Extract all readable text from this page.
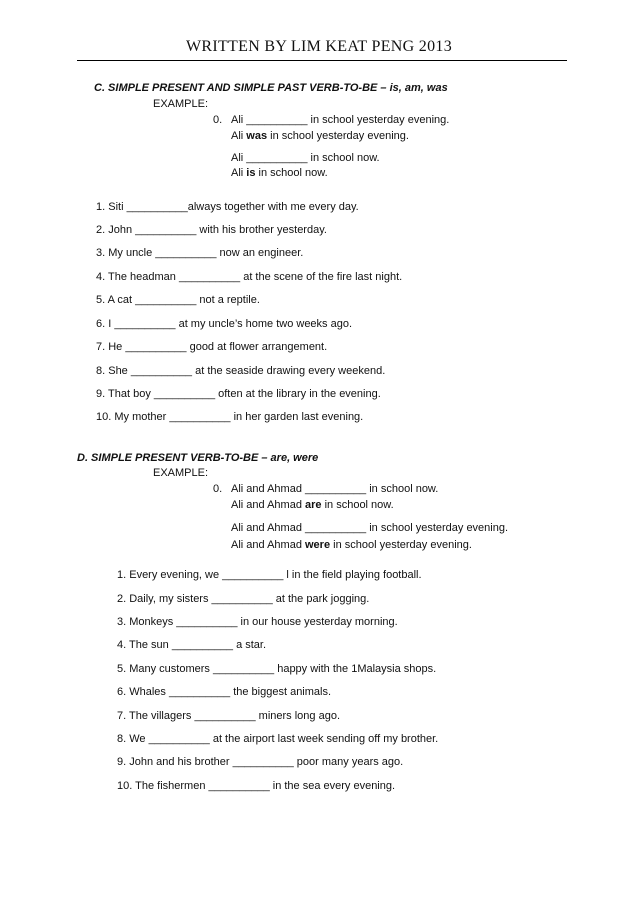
WRITTEN BY LIM KEAT PENG 2013
C. SIMPLE PRESENT AND SIMPLE PAST VERB-TO-BE – is, am, was
EXAMPLE:
0. Ali __________ in school yesterday evening.
Ali was in school yesterday evening.
Ali __________ in school now.
Ali is in school now.
1. Siti __________always together with me every day.
2. John __________ with his brother yesterday.
3. My uncle __________ now an engineer.
4. The headman __________ at the scene of the fire last night.
5. A cat __________ not a reptile.
6. I __________ at my uncle’s home two weeks ago.
7. He __________ good at flower arrangement.
8. She __________ at the seaside drawing every weekend.
9. That boy __________ often at the library in the evening.
10. My mother __________ in her garden last evening.
D. SIMPLE PRESENT VERB-TO-BE – are, were
EXAMPLE:
0. Ali and Ahmad __________ in school now.
Ali and Ahmad are in school now.
Ali and Ahmad __________ in school yesterday evening.
Ali and Ahmad were in school yesterday evening.
1. Every evening, we __________ l in the field playing football.
2. Daily, my sisters __________ at the park jogging.
3. Monkeys __________ in our house yesterday morning.
4. The sun __________ a star.
5. Many customers __________ happy with the 1Malaysia shops.
6. Whales __________ the biggest animals.
7. The villagers __________ miners long ago.
8. We __________ at the airport last week sending off my brother.
9. John and his brother __________ poor many years ago.
10. The fishermen __________ in the sea every evening.
